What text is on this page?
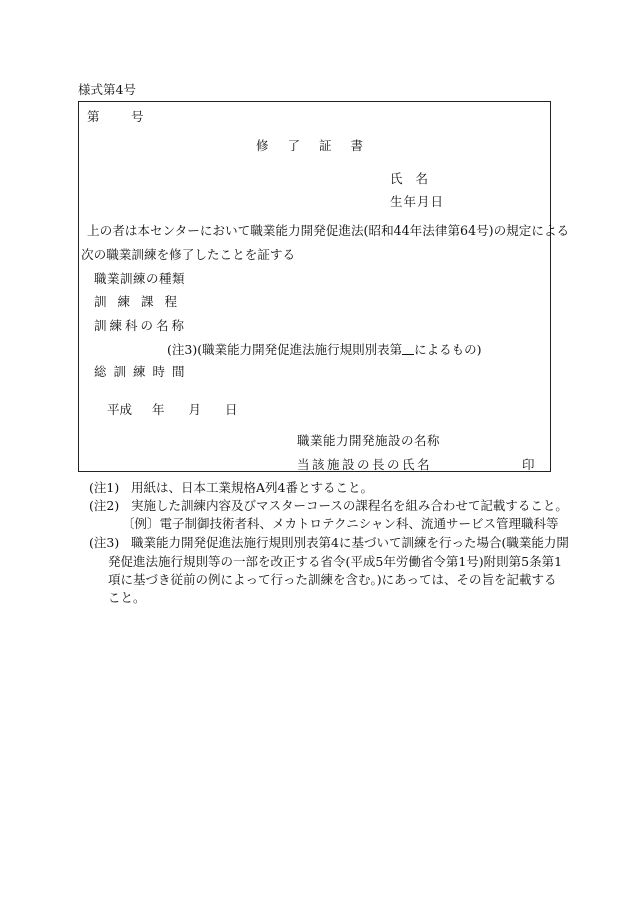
様式第4号
第	号
修了証書
氏名
生年月日
上の者は本センターにおいて職業能力開発促進法(昭和44年法律第64号)の規定による
次の職業訓練を修了したことを証する
職業訓練の種類
訓練課程
訓練科の名称
(注3)(職業能力開発促進法施行規則別表第 によるもの)
総訓練時間
平成 年 月 日
職業能力開発施設の名称
当該施設の長の氏名	印
(注1) 用紙は、日本工業規格A列4番とすること。
(注2) 実施した訓練内容及びマスターコースの課程名を組み合わせて記載すること。
〔例〕電子制御技術者科、メカトロテクニシャン科、流通サービス管理職科等
(注3) 職業能力開発促進法施行規則別表第4に基づいて訓練を行った場合(職業能力開
発促進法施行規則等の一部を改正する省令(平成5年労働省令第1号)附則第5条第1
項に基づき従前の例によって行った訓練を含む。)にあっては、その旨を記載する
こと。
